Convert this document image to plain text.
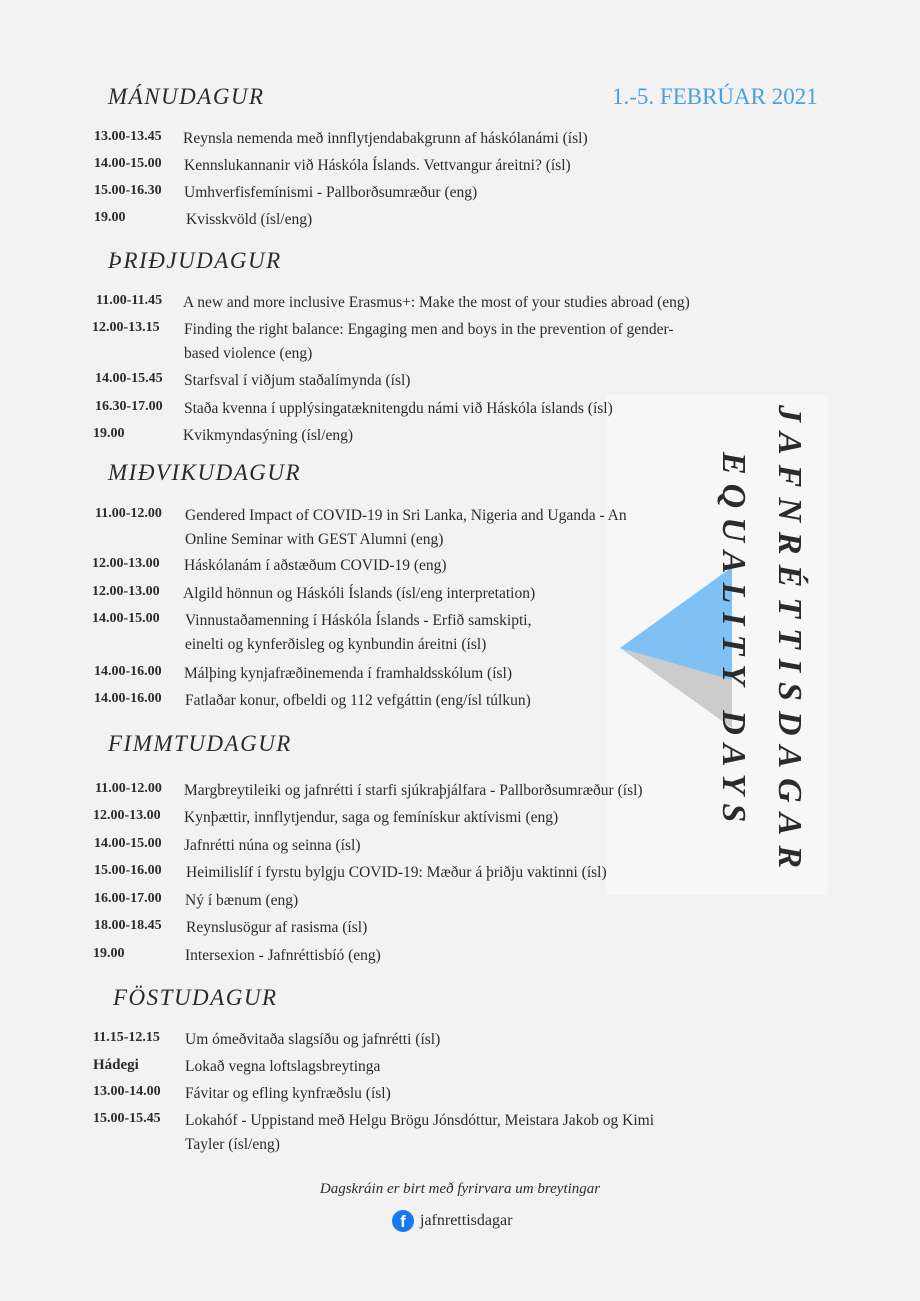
JAFNRÉTTISDAGAR
EQUALITY DAYS
1.-5. FEBRÚAR 2021
MÁNUDAGUR
13.00-13.45 Reynsla nemenda með innflytjendabakgrunn af háskólanámi (ísl)
14.00-15.00 Kennslukannanir við Háskóla Íslands. Vettvangur áreitni? (ísl)
15.00-16.30 Umhverfisfemínismi - Pallborðsumræður (eng)
19.00	Kvisskvöld (ísl/eng)
ÞRIÐJUDAGUR
11.00-11.45 A new and more inclusive Erasmus+: Make the most of your studies abroad (eng)
12.00-13.15 Finding the right balance: Engaging men and boys in the prevention of gender-
based violence (eng)
14.00-15.45 Starfsval í viðjum staðalímynda (ísl)
16.30-17.00 Staða kvenna í upplýsingatæknitengdu námi við Háskóla íslands (ísl)
19.00	Kvikmyndasýning (ísl/eng)
MIÐVIKUDAGUR
11.00-12.00 Gendered Impact of COVID-19 in Sri Lanka, Nigeria and Uganda - An
Online Seminar with GEST Alumni (eng)
12.00-13.00 Háskólanám í aðstæðum COVID-19 (eng)
12.00-13.00 Algild hönnun og Háskóli Íslands (ísl/eng interpretation)
14.00-15.00 Vinnustaðamenning í Háskóla Íslands - Erfið samskipti,
einelti og kynferðisleg og kynbundin áreitni (ísl)
14.00-16.00 Málþing kynjafræðinemenda í framhaldsskólum (ísl)
14.00-16.00 Fatlaðar konur, ofbeldi og 112 vefgáttin (eng/ísl túlkun)
FIMMTUDAGUR
11.00-12.00 Margbreytileiki og jafnrétti í starfi sjúkraþjálfara - Pallborðsumræður (ísl)
12.00-13.00 Kynþættir, innflytjendur, saga og femínískur aktívismi (eng)
14.00-15.00 Jafnrétti núna og seinna (ísl)
15.00-16.00 Heimilislíf í fyrstu bylgju COVID-19: Mæður á þriðju vaktinni (ísl)
16.00-17.00 Ný í bænum (eng)
18.00-18.45 Reynslusögur af rasisma (ísl)
19.00	Intersexion - Jafnréttisbíó (eng)
FÖSTUDAGUR
11.15-12.15 Um ómeðvitaða slagsíðu og jafnrétti (ísl)
Hádegi	Lokað vegna loftslagsbreytinga
13.00-14.00 Fávitar og efling kynfræðslu (ísl)
15.00-15.45 Lokahóf - Uppistand með Helgu Brögu Jónsdóttur, Meistara Jakob og Kimi
Tayler (ísl/eng)
Dagskráin er birt með fyrirvara um breytingar
f jafnrettisdagar
